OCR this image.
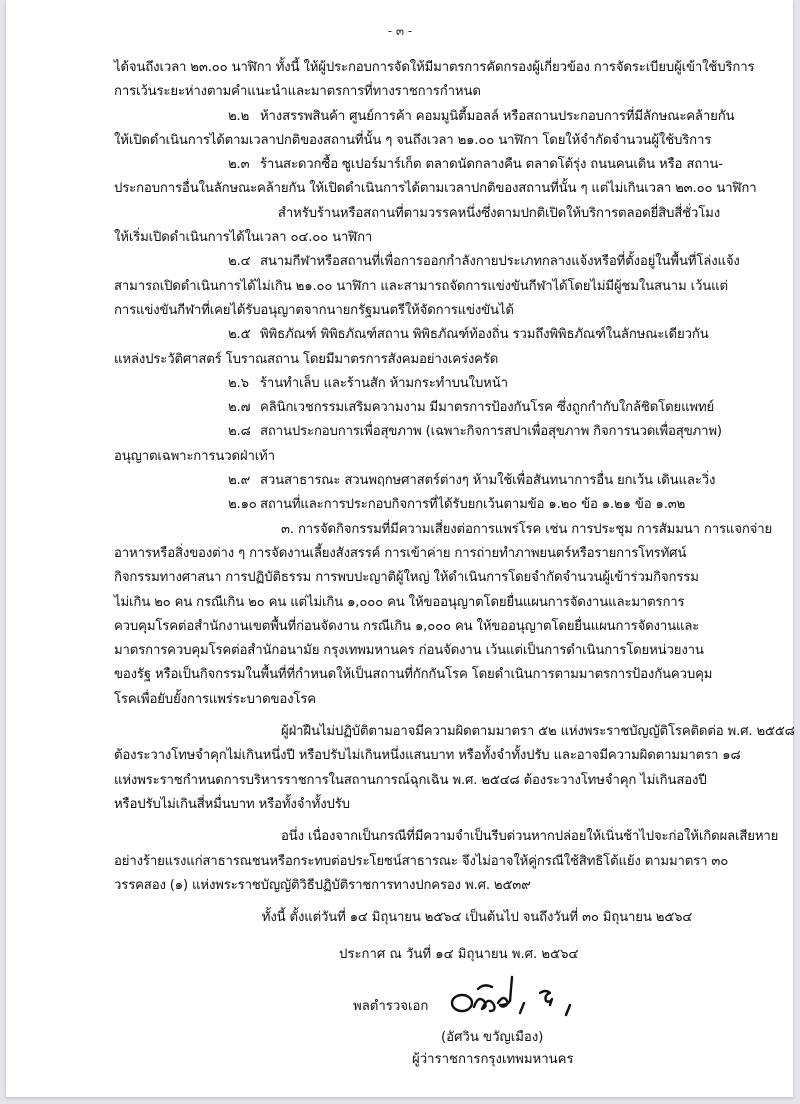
- ๓ -
ได้จนถึงเวลา ๒๓.๐๐ นาฬิกา ทั้งนี้ ให้ผู้ประกอบการจัดให้มีมาตรการคัดกรองผู้เกี่ยวข้อง การจัดระเบียบผู้เข้าใช้บริการ
การเว้นระยะห่างตามคำแนะนำและมาตรการที่ทางราชการกำหนด
๒.๒ ห้างสรรพสินค้า ศูนย์การค้า คอมมูนิตี้มอลล์ หรือสถานประกอบการที่มีลักษณะคล้ายกัน
ให้เปิดดำเนินการได้ตามเวลาปกติของสถานที่นั้น ๆ จนถึงเวลา ๒๑.๐๐ นาฬิกา โดยให้จำกัดจำนวนผู้ใช้บริการ
๒.๓ ร้านสะดวกซื้อ ซูเปอร์มาร์เก็ต ตลาดนัดกลางคืน ตลาดโต้รุ่ง ถนนคนเดิน หรือ สถาน-
ประกอบการอื่นในลักษณะคล้ายกัน ให้เปิดดำเนินการได้ตามเวลาปกติของสถานที่นั้น ๆ แต่ไม่เกินเวลา ๒๓.๐๐ นาฬิกา
สำหรับร้านหรือสถานที่ตามวรรคหนึ่งซึ่งตามปกติเปิดให้บริการตลอดยี่สิบสี่ชั่วโมง
ให้เริ่มเปิดดำเนินการได้ในเวลา ๐๔.๐๐ นาฬิกา
๒.๔ สนามกีฬาหรือสถานที่เพื่อการออกกำลังกายประเภทกลางแจ้งหรือที่ตั้งอยู่ในพื้นที่โล่งแจ้ง
สามารถเปิดดำเนินการได้ไม่เกิน ๒๑.๐๐ นาฬิกา และสามารถจัดการแข่งขันกีฬาได้โดยไม่มีผู้ชมในสนาม เว้นแต่
การแข่งขันกีฬาที่เคยได้รับอนุญาตจากนายกรัฐมนตรีให้จัดการแข่งขันได้
๒.๕ พิพิธภัณฑ์ พิพิธภัณฑ์สถาน พิพิธภัณฑ์ท้องถิ่น รวมถึงพิพิธภัณฑ์ในลักษณะเดียวกัน
แหล่งประวัติศาสตร์ โบราณสถาน โดยมีมาตรการสังคมอย่างเคร่งครัด
๒.๖ ร้านทำเล็บ และร้านสัก ห้ามกระทำบนใบหน้า
๒.๗ คลินิกเวชกรรมเสริมความงาม มีมาตรการป้องกันโรค ซึ่งถูกกำกับใกล้ชิดโดยแพทย์
๒.๘ สถานประกอบการเพื่อสุขภาพ (เฉพาะกิจการสปาเพื่อสุขภาพ กิจการนวดเพื่อสุขภาพ)
อนุญาตเฉพาะการนวดฝ่าเท้า
๒.๙ สวนสาธารณะ สวนพฤกษศาสตร์ต่างๆ ห้ามใช้เพื่อสันทนาการอื่น ยกเว้น เดินและวิ่ง
๒.๑๐ สถานที่และการประกอบกิจการที่ได้รับยกเว้นตามข้อ ๑.๒๐ ข้อ ๑.๒๑ ข้อ ๑.๓๒
๓. การจัดกิจกรรมที่มีความเสี่ยงต่อการแพร่โรค เช่น การประชุม การสัมมนา การแจกจ่าย
อาหารหรือสิ่งของต่าง ๆ การจัดงานเลี้ยงสังสรรค์ การเข้าค่าย การถ่ายทำภาพยนตร์หรือรายการโทรทัศน์
กิจกรรมทางศาสนา การปฏิบัติธรรม การพบปะญาติผู้ใหญ่ ให้ดำเนินการโดยจำกัดจำนวนผู้เข้าร่วมกิจกรรม
ไม่เกิน ๒๐ คน กรณีเกิน ๒๐ คน แต่ไม่เกิน ๑,๐๐๐ คน ให้ขออนุญาตโดยยื่นแผนการจัดงานและมาตรการ
ควบคุมโรคต่อสำนักงานเขตพื้นที่ก่อนจัดงาน กรณีเกิน ๑,๐๐๐ คน ให้ขออนุญาตโดยยื่นแผนการจัดงานและ
มาตรการควบคุมโรคต่อสำนักอนามัย กรุงเทพมหานคร ก่อนจัดงาน เว้นแต่เป็นการดำเนินการโดยหน่วยงาน
ของรัฐ หรือเป็นกิจกรรมในพื้นที่ที่กำหนดให้เป็นสถานที่กักกันโรค โดยดำเนินการตามมาตรการป้องกันควบคุม
โรคเพื่อยับยั้งการแพร่ระบาดของโรค
ผู้ฝ่าฝืนไม่ปฏิบัติตามอาจมีความผิดตามมาตรา ๕๒ แห่งพระราชบัญญัติโรคติดต่อ พ.ศ. ๒๕๕๘
ต้องระวางโทษจำคุกไม่เกินหนึ่งปี หรือปรับไม่เกินหนึ่งแสนบาท หรือทั้งจำทั้งปรับ และอาจมีความผิดตามมาตรา ๑๘
แห่งพระราชกำหนดการบริหารราชการในสถานการณ์ฉุกเฉิน พ.ศ. ๒๕๔๘ ต้องระวางโทษจำคุก ไม่เกินสองปี
หรือปรับไม่เกินสี่หมื่นบาท หรือทั้งจำทั้งปรับ
อนึ่ง เนื่องจากเป็นกรณีที่มีความจำเป็นรีบด่วนหากปล่อยให้เนิ่นช้าไปจะก่อให้เกิดผลเสียหาย
อย่างร้ายแรงแก่สาธารณชนหรือกระทบต่อประโยชน์สาธารณะ จึงไม่อาจให้คู่กรณีใช้สิทธิโต้แย้ง ตามมาตรา ๓๐
วรรคสอง (๑) แห่งพระราชบัญญัติวิธีปฏิบัติราชการทางปกครอง พ.ศ. ๒๕๓๙
ทั้งนี้ ตั้งแต่วันที่ ๑๔ มิถุนายน ๒๕๖๔ เป็นต้นไป จนถึงวันที่ ๓๐ มิถุนายน ๒๕๖๔
ประกาศ ณ วันที่ ๑๔ มิถุนายน พ.ศ. ๒๕๖๔
พลตำรวจเอก
(อัศวิน ขวัญเมือง)
ผู้ว่าราชการกรุงเทพมหานคร
